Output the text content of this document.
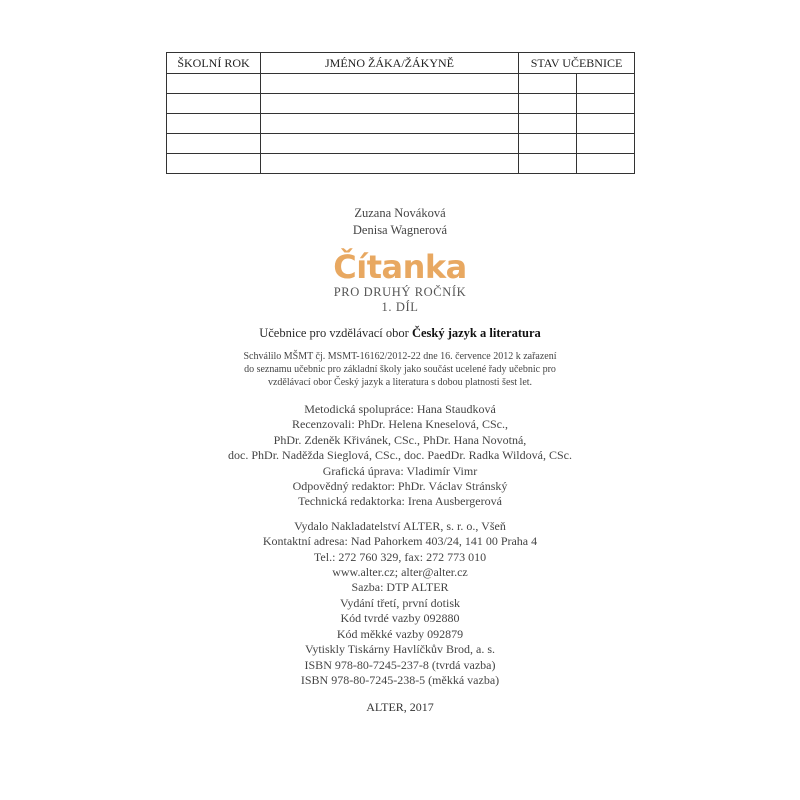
ŠKOLNÍ ROK	JMÉNO ŽÁKA/ŽÁKYNĚ	STAV UČEBNICE	

Zuzana Nováková
Denisa Wagnerová
Čítanka
PRO DRUHÝ ROČNÍK
1. DÍL
Učebnice pro vzdělávací obor Český jazyk a literatura
Schválilo MŠMT čj. MSMT-16162/2012-22 dne 16. července 2012 k zařazení
do seznamu učebnic pro základní školy jako součást ucelené řady učebnic pro
vzdělávací obor Český jazyk a literatura s dobou platnosti šest let.
Metodická spolupráce: Hana Staudková
Recenzovali: PhDr. Helena Kneselová, CSc.,
PhDr. Zdeněk Křivánek, CSc., PhDr. Hana Novotná,
doc. PhDr. Naděžda Sieglová, CSc., doc. PaedDr. Radka Wildová, CSc.
Grafická úprava: Vladimír Vimr
Odpovědný redaktor: PhDr. Václav Stránský
Technická redaktorka: Irena Ausbergerová
Vydalo Nakladatelství ALTER, s. r. o., Všeň
Kontaktní adresa: Nad Pahorkem 403/24, 141 00 Praha 4
Tel.: 272 760 329, fax: 272 773 010
www.alter.cz; alter@alter.cz
Sazba: DTP ALTER
Vydání třetí, první dotisk
Kód tvrdé vazby 092880
Kód měkké vazby 092879
Vytiskly Tiskárny Havlíčkův Brod, a. s.
ISBN 978-80-7245-237-8 (tvrdá vazba)
ISBN 978-80-7245-238-5 (měkká vazba)
ALTER, 2017
